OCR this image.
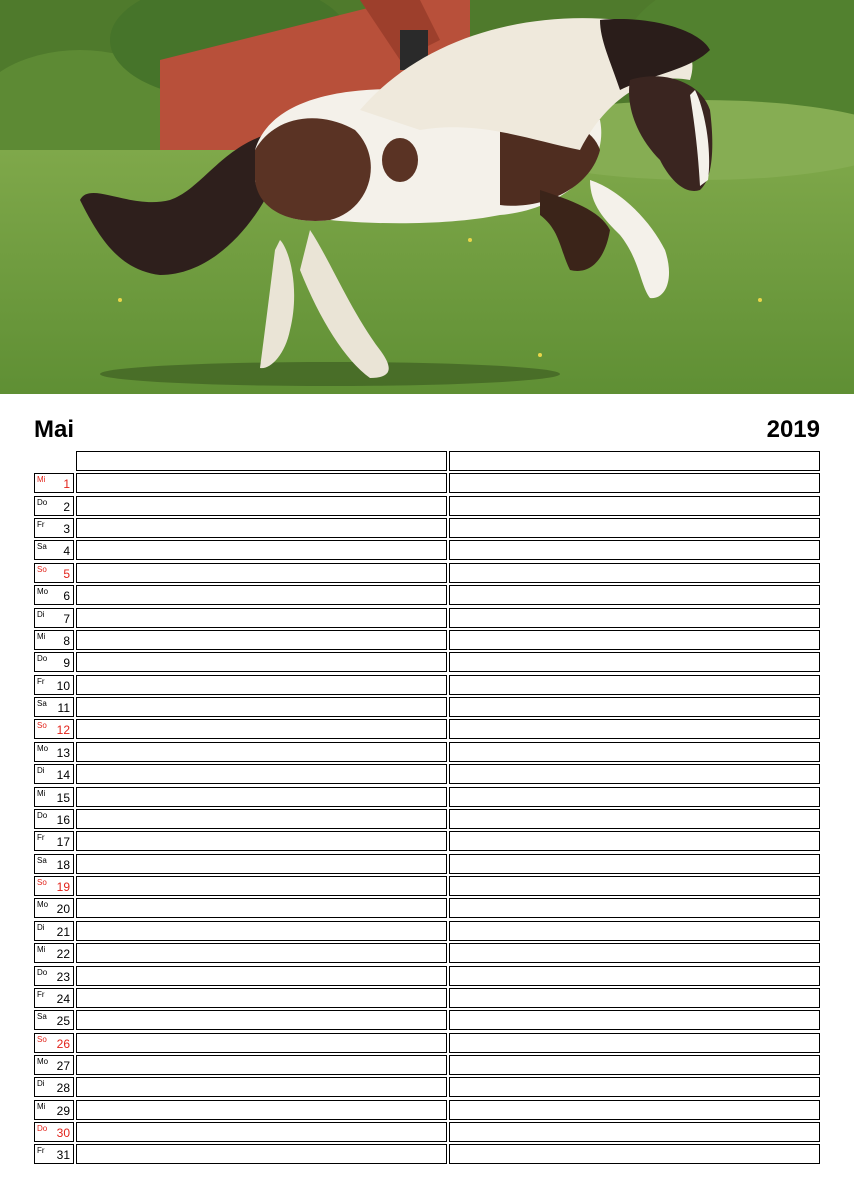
Mai	2019
Mi 1
Do 2
Fr 3
Sa 4
So 5
Mo 6
Di 7
Mi 8
Do 9
Fr 10
Sa 11
So 12
Mo 13
Di 14
Mi 15
Do 16
Fr 17
Sa 18
So 19
Mo 20
Di 21
Mi 22
Do 23
Fr 24
Sa 25
So 26
Mo 27
Di 28
Mi 29
Do 30
Fr 31
